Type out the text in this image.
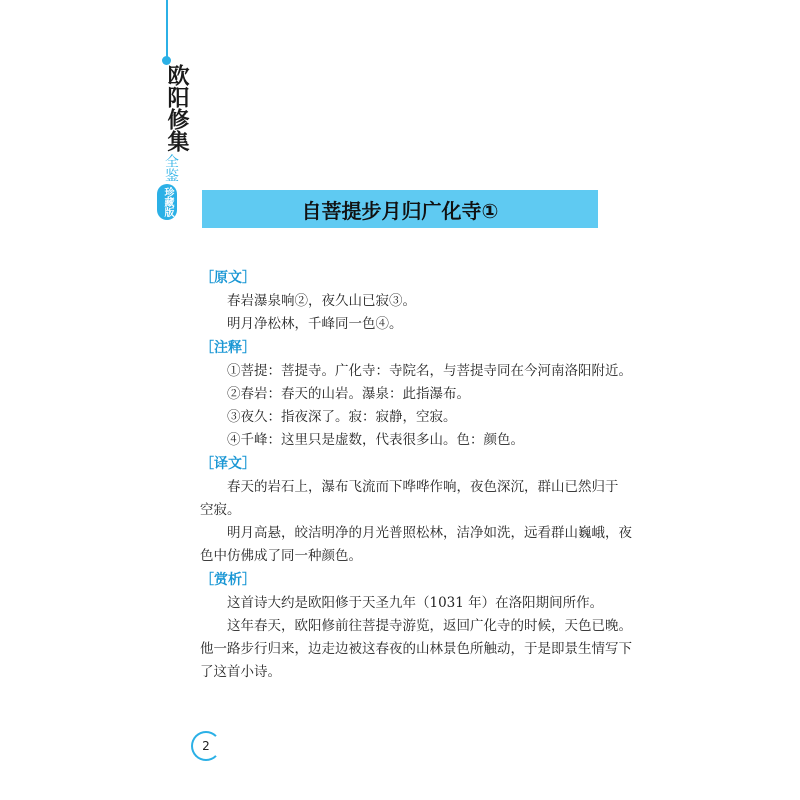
欧阳修集
全鉴
珍藏版	自菩提步月归广化寺①
［原文］
春岩瀑泉响②，夜久山已寂③。
明月净松林，千峰同一色④。
［注释］
①菩提：菩提寺。广化寺：寺院名，与菩提寺同在今河南洛阳附近。
②春岩：春天的山岩。瀑泉：此指瀑布。
③夜久：指夜深了。寂：寂静，空寂。
④千峰：这里只是虚数，代表很多山。色：颜色。
［译文］
春天的岩石上，瀑布飞流而下哗哗作响，夜色深沉，群山已然归于
空寂。
明月高悬，皎洁明净的月光普照松林，洁净如洗，远看群山巍峨，夜
色中仿佛成了同一种颜色。
［赏析］
这首诗大约是欧阳修于天圣九年（1031 年）在洛阳期间所作。
这年春天，欧阳修前往菩提寺游览，返回广化寺的时候，天色已晚。
他一路步行归来，边走边被这春夜的山林景色所触动，于是即景生情写下
了这首小诗。
2
